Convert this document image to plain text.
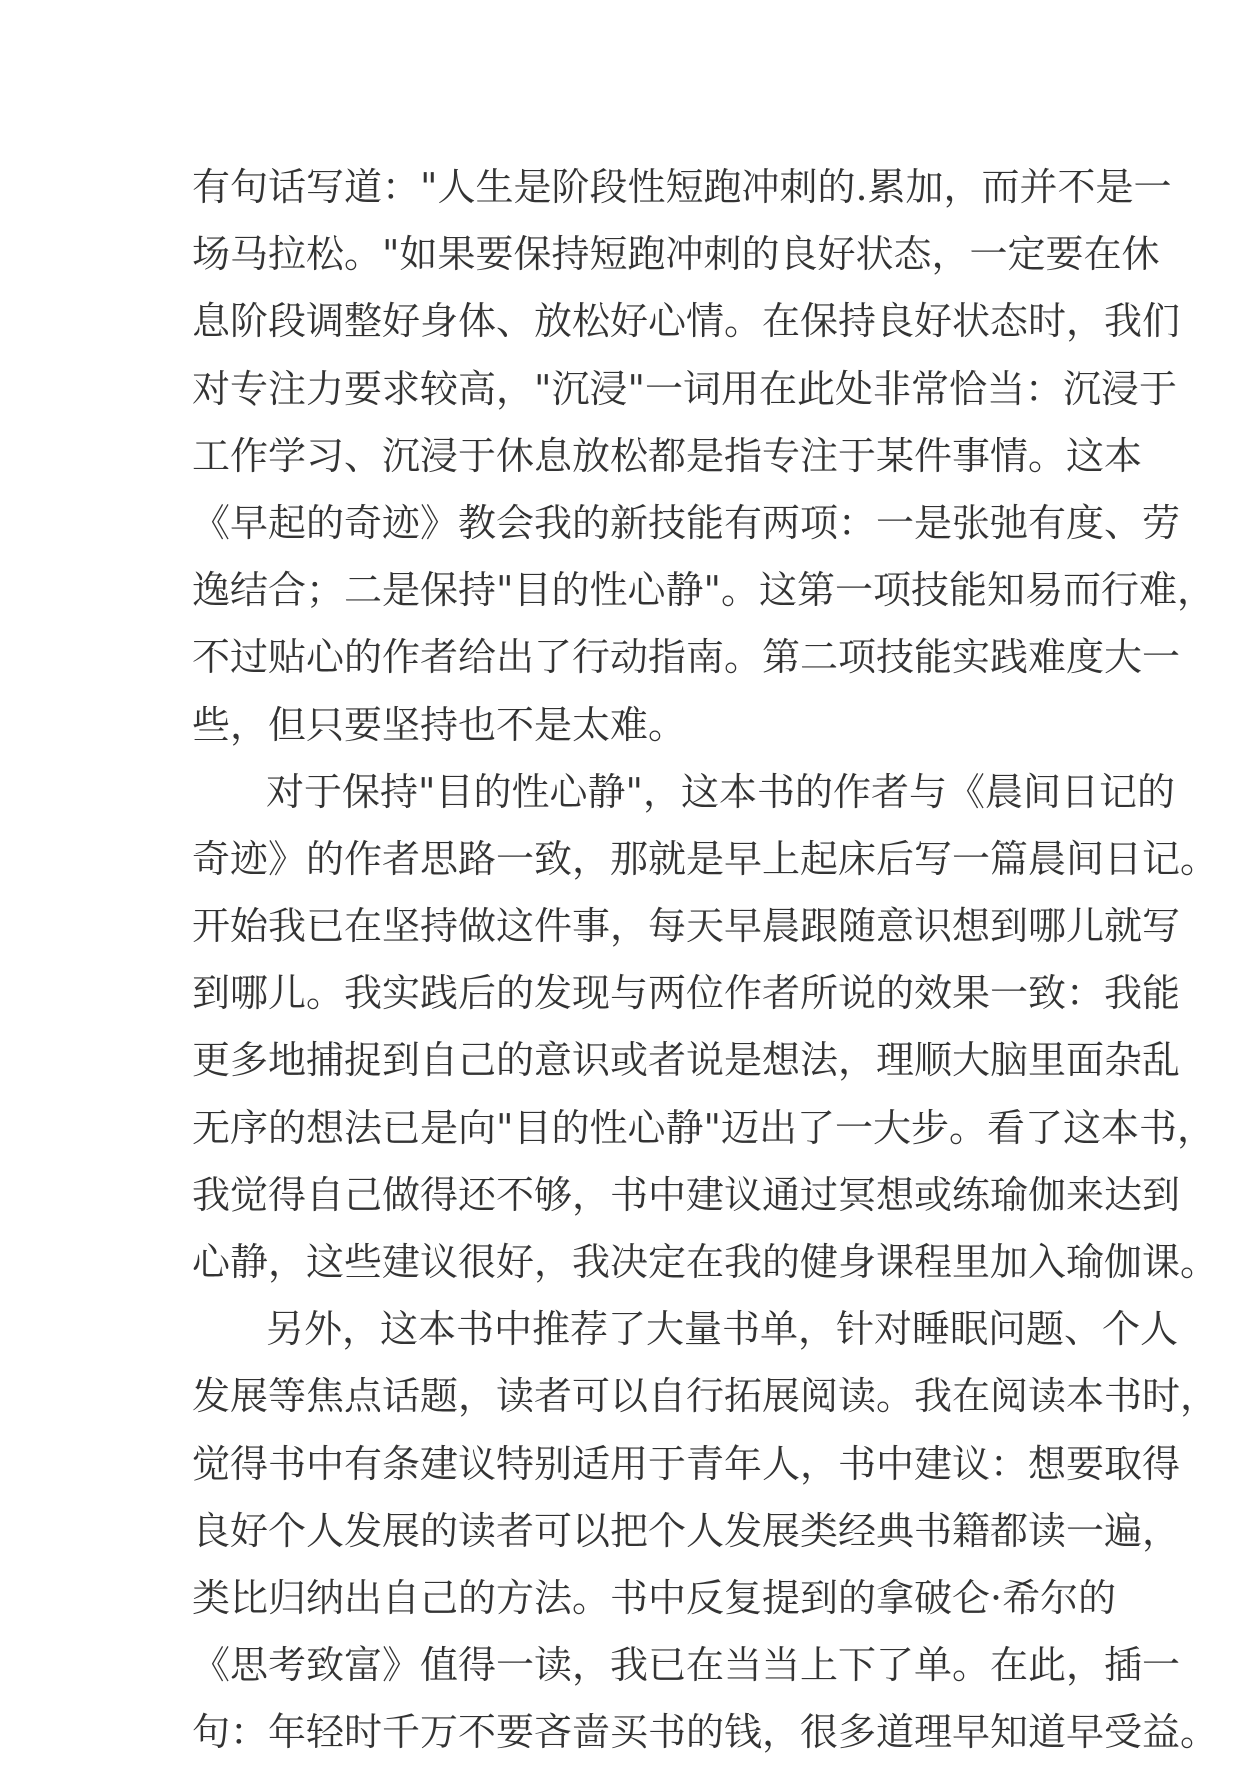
有句话写道："人生是阶段性短跑冲刺的.累加，而并不是一
场马拉松。"如果要保持短跑冲刺的良好状态，一定要在休
息阶段调整好身体、放松好心情。在保持良好状态时，我们
对专注力要求较高，"沉浸"一词用在此处非常恰当：沉浸于
工作学习、沉浸于休息放松都是指专注于某件事情。这本
《早起的奇迹》教会我的新技能有两项：一是张弛有度、劳
逸结合；二是保持"目的性心静"。这第一项技能知易而行难，
不过贴心的作者给出了行动指南。第二项技能实践难度大一
些，但只要坚持也不是太难。
对于保持"目的性心静"，这本书的作者与《晨间日记的
奇迹》的作者思路一致，那就是早上起床后写一篇晨间日记。
开始我已在坚持做这件事，每天早晨跟随意识想到哪儿就写
到哪儿。我实践后的发现与两位作者所说的效果一致：我能
更多地捕捉到自己的意识或者说是想法，理顺大脑里面杂乱
无序的想法已是向"目的性心静"迈出了一大步。看了这本书，
我觉得自己做得还不够，书中建议通过冥想或练瑜伽来达到
心静，这些建议很好，我决定在我的健身课程里加入瑜伽课。
另外，这本书中推荐了大量书单，针对睡眠问题、个人
发展等焦点话题，读者可以自行拓展阅读。我在阅读本书时，
觉得书中有条建议特别适用于青年人，书中建议：想要取得
良好个人发展的读者可以把个人发展类经典书籍都读一遍，
类比归纳出自己的方法。书中反复提到的拿破仑·希尔的
《思考致富》值得一读，我已在当当上下了单。在此，插一
句：年轻时千万不要吝啬买书的钱，很多道理早知道早受益。
